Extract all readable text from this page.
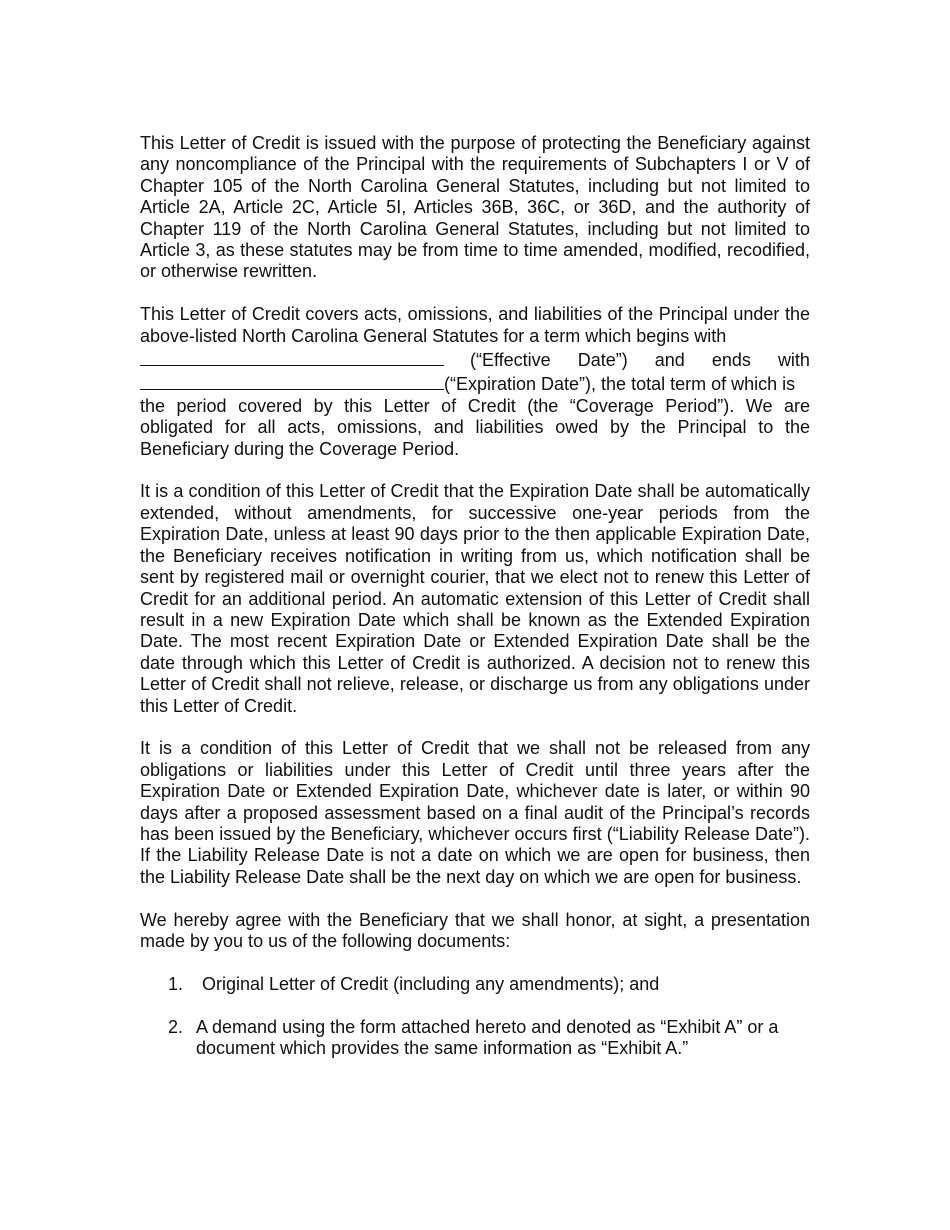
This Letter of Credit is issued with the purpose of protecting the Beneficiary against any noncompliance of the Principal with the requirements of Subchapters I or V of Chapter 105 of the North Carolina General Statutes, including but not limited to Article 2A, Article 2C, Article 5I, Articles 36B, 36C, or 36D, and the authority of Chapter 119 of the North Carolina General Statutes, including but not limited to Article 3, as these statutes may be from time to time amended, modified, recodified, or otherwise rewritten.

This Letter of Credit covers acts, omissions, and liabilities of the Principal under the above-listed North Carolina General Statutes for a term which begins with
(“Effective Date”) and ends with
(“Expiration Date”), the total term of which is
the period covered by this Letter of Credit (the “Coverage Period”). We are obligated for all acts, omissions, and liabilities owed by the Principal to the Beneficiary during the Coverage Period.

It is a condition of this Letter of Credit that the Expiration Date shall be automatically extended, without amendments, for successive one-year periods from the Expiration Date, unless at least 90 days prior to the then applicable Expiration Date, the Beneficiary receives notification in writing from us, which notification shall be sent by registered mail or overnight courier, that we elect not to renew this Letter of Credit for an additional period. An automatic extension of this Letter of Credit shall result in a new Expiration Date which shall be known as the Extended Expiration Date. The most recent Expiration Date or Extended Expiration Date shall be the date through which this Letter of Credit is authorized. A decision not to renew this Letter of Credit shall not relieve, release, or discharge us from any obligations under this Letter of Credit.

It is a condition of this Letter of Credit that we shall not be released from any obligations or liabilities under this Letter of Credit until three years after the Expiration Date or Extended Expiration Date, whichever date is later, or within 90 days after a proposed assessment based on a final audit of the Principal’s records has been issued by the Beneficiary, whichever occurs first (“Liability Release Date”). If the Liability Release Date is not a date on which we are open for business, then the Liability Release Date shall be the next day on which we are open for business.

We hereby agree with the Beneficiary that we shall honor, at sight, a presentation made by you to us of the following documents:

1.	Original Letter of Credit (including any amendments); and
2. A demand using the form attached hereto and denoted as “Exhibit A” or a document which provides the same information as “Exhibit A.”
